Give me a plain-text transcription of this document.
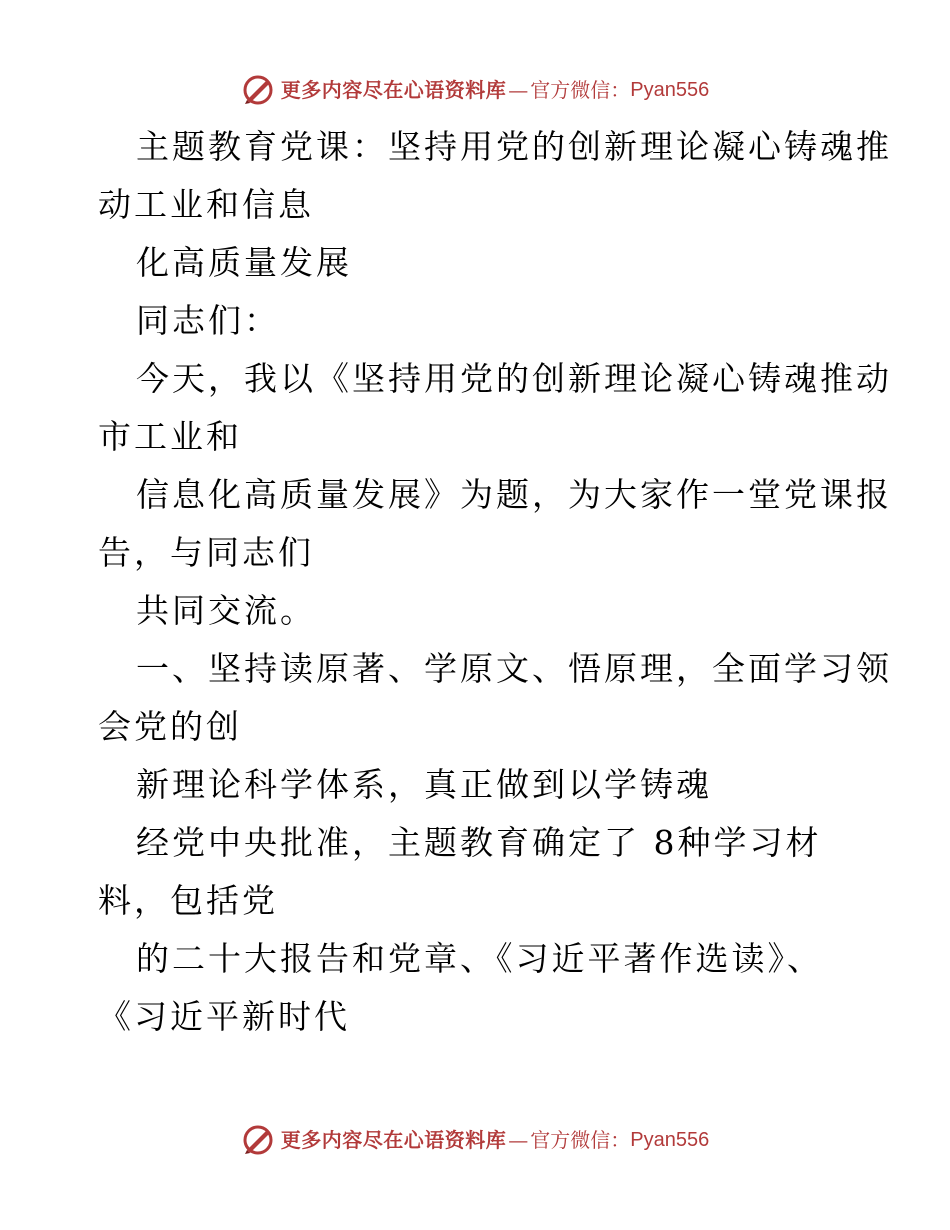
更多内容尽在心语资料库 — 官方微信： Pyan556
主题教育党课：坚持用党的创新理论凝心铸魂推
动工业和信息
化高质量发展
同志们：
今天，我以《坚持用党的创新理论凝心铸魂推动
市工业和
信息化高质量发展》为题，为大家作一堂党课报
告，与同志们
共同交流。
一、坚持读原著、学原文、悟原理，全面学习领
会党的创
新理论科学体系，真正做到以学铸魂
经党中央批准，主题教育确定了 8种学习材
料，包括党
的二十大报告和党章、《习近平著作选读》、
《习近平新时代
更多内容尽在心语资料库 — 官方微信： Pyan556
